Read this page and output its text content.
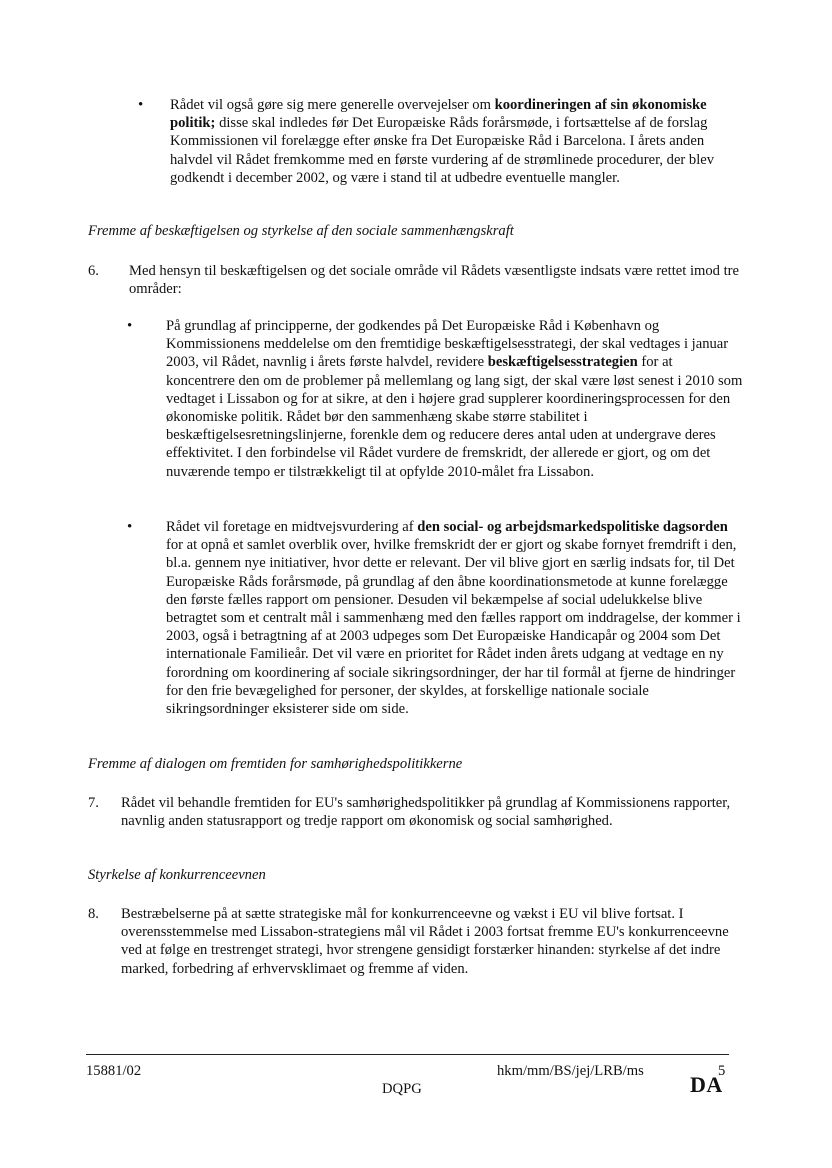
• Rådet vil også gøre sig mere generelle overvejelser om koordineringen af sin økonomiske politik; disse skal indledes før Det Europæiske Råds forårsmøde, i fortsættelse af de forslag Kommissionen vil forelægge efter ønske fra Det Europæiske Råd i Barcelona. I årets anden halvdel vil Rådet fremkomme med en første vurdering af de strømlinede procedurer, der blev godkendt i december 2002, og være i stand til at udbedre eventuelle mangler.

Fremme af beskæftigelsen og styrkelse af den sociale sammenhængskraft

6. Med hensyn til beskæftigelsen og det sociale område vil Rådets væsentligste indsats være rettet imod tre områder:

• På grundlag af principperne, der godkendes på Det Europæiske Råd i København og Kommissionens meddelelse om den fremtidige beskæftigelsesstrategi, der skal vedtages i januar 2003, vil Rådet, navnlig i årets første halvdel, revidere beskæftigelsesstrategien for at koncentrere den om de problemer på mellemlang og lang sigt, der skal være løst senest i 2010 som vedtaget i Lissabon og for at sikre, at den i højere grad supplerer koordineringsprocessen for den økonomiske politik. Rådet bør den sammenhæng skabe større stabilitet i beskæftigelsesretningslinjerne, forenkle dem og reducere deres antal uden at undergrave deres effektivitet. I den forbindelse vil Rådet vurdere de fremskridt, der allerede er gjort, og om det nuværende tempo er tilstrækkeligt til at opfylde 2010-målet fra Lissabon.

• Rådet vil foretage en midtvejsvurdering af den social- og arbejdsmarkedspolitiske dagsorden for at opnå et samlet overblik over, hvilke fremskridt der er gjort og skabe fornyet fremdrift i den, bl.a. gennem nye initiativer, hvor dette er relevant. Der vil blive gjort en særlig indsats for, til Det Europæiske Råds forårsmøde, på grundlag af den åbne koordinationsmetode at kunne forelægge den første fælles rapport om pensioner. Desuden vil bekæmpelse af social udelukkelse blive betragtet som et centralt mål i sammenhæng med den fælles rapport om inddragelse, der kommer i 2003, også i betragtning af at 2003 udpeges som Det Europæiske Handicapår og 2004 som Det internationale Familieår. Det vil være en prioritet for Rådet inden årets udgang at vedtage en ny forordning om koordinering af sociale sikringsordninger, der har til formål at fjerne de hindringer for den frie bevægelighed for personer, der skyldes, at forskellige nationale sociale sikringsordninger eksisterer side om side.

Fremme af dialogen om fremtiden for samhørighedspolitikkerne

7. Rådet vil behandle fremtiden for EU's samhørighedspolitikker på grundlag af Kommissionens rapporter, navnlig anden statusrapport og tredje rapport om økonomisk og social samhørighed.

Styrkelse af konkurrenceevnen

8. Bestræbelserne på at sætte strategiske mål for konkurrenceevne og vækst i EU vil blive fortsat. I overensstemmelse med Lissabon-strategiens mål vil Rådet i 2003 fortsat fremme EU's konkurrenceevne ved at følge en trestrenget strategi, hvor strengene gensidigt forstærker hinanden: styrkelse af det indre marked, forbedring af erhvervsklimaet og fremme af viden.

15881/02	hkm/mm/BS/jej/LRB/ms	5
DQPG	DA
